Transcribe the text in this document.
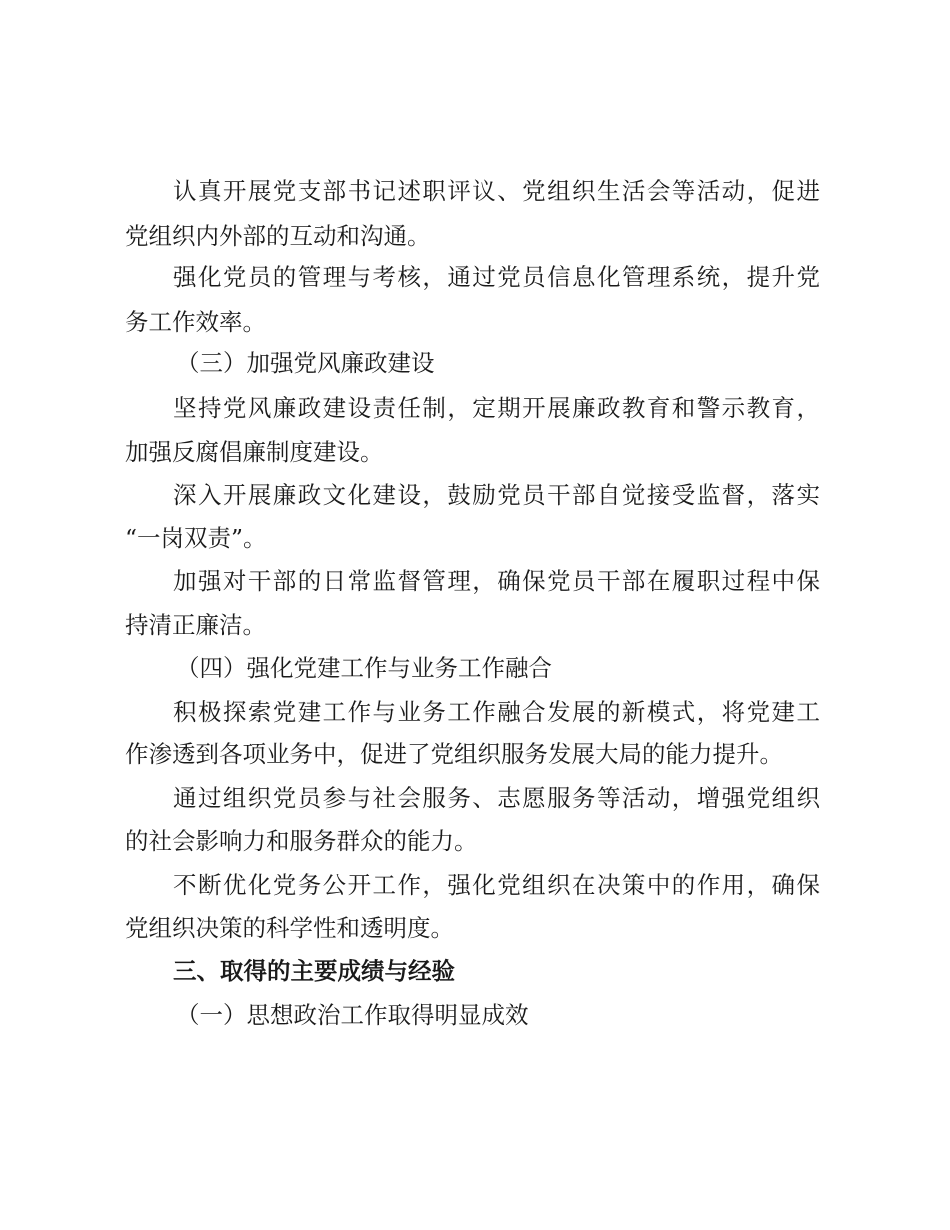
认真开展党支部书记述职评议、党组织生活会等活动，促进

党组织内外部的互动和沟通。

强化党员的管理与考核，通过党员信息化管理系统，提升党

务工作效率。

（三）加强党风廉政建设

坚持党风廉政建设责任制，定期开展廉政教育和警示教育，

加强反腐倡廉制度建设。

深入开展廉政文化建设，鼓励党员干部自觉接受监督，落实

“一岗双责”。

加强对干部的日常监督管理，确保党员干部在履职过程中保

持清正廉洁。

（四）强化党建工作与业务工作融合

积极探索党建工作与业务工作融合发展的新模式，将党建工

作渗透到各项业务中，促进了党组织服务发展大局的能力提升。

通过组织党员参与社会服务、志愿服务等活动，增强党组织

的社会影响力和服务群众的能力。

不断优化党务公开工作，强化党组织在决策中的作用，确保

党组织决策的科学性和透明度。

三、取得的主要成绩与经验

（一）思想政治工作取得明显成效
